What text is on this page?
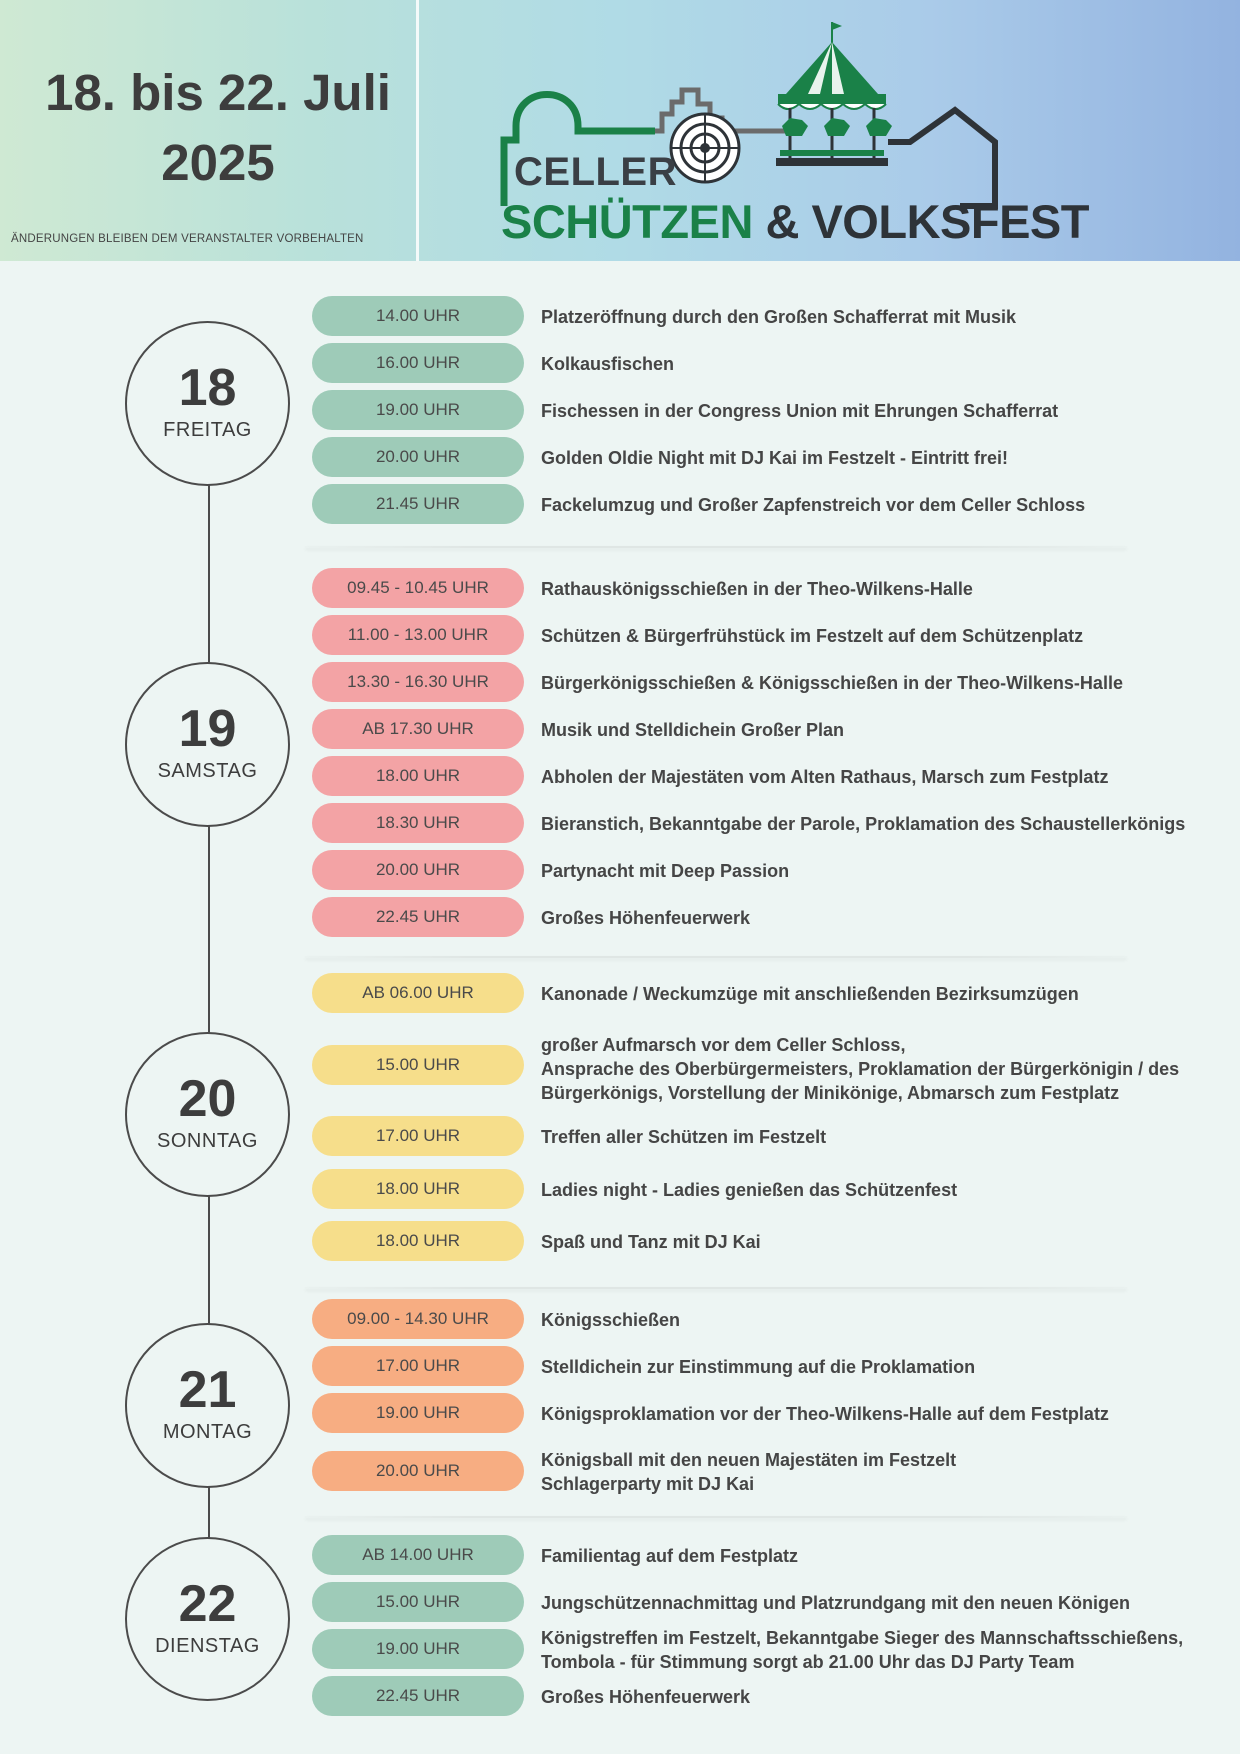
18. bis 22. Juli
2025
ÄNDERUNGEN BLEIBEN DEM VERANSTALTER VORBEHALTEN
CELLER
SCHÜTZEN & VOLKSFEST
18
FREITAG
14.00 UHR	Platzeröffnung durch den Großen Schafferrat mit Musik
16.00 UHR	Kolkausfischen
19.00 UHR	Fischessen in der Congress Union mit Ehrungen Schafferrat
20.00 UHR	Golden Oldie Night mit DJ Kai im Festzelt - Eintritt frei!
21.45 UHR	Fackelumzug und Großer Zapfenstreich vor dem Celler Schloss
19
SAMSTAG
09.45 - 10.45 UHR	Rathauskönigsschießen in der Theo-Wilkens-Halle
11.00 - 13.00 UHR	Schützen & Bürgerfrühstück im Festzelt auf dem Schützenplatz
13.30 - 16.30 UHR	Bürgerkönigsschießen & Königsschießen in der Theo-Wilkens-Halle
AB 17.30 UHR	Musik und Stelldichein Großer Plan
18.00 UHR	Abholen der Majestäten vom Alten Rathaus, Marsch zum Festplatz
18.30 UHR	Bieranstich, Bekanntgabe der Parole, Proklamation des Schaustellerkönigs
20.00 UHR	Partynacht mit Deep Passion
22.45 UHR	Großes Höhenfeuerwerk
20
SONNTAG
AB 06.00 UHR	Kanonade / Weckumzüge mit anschließenden Bezirksumzügen
15.00 UHR
großer Aufmarsch vor dem Celler Schloss,
Ansprache des Oberbürgermeisters, Proklamation der Bürgerkönigin / des
Bürgerkönigs, Vorstellung der Minikönige, Abmarsch zum Festplatz
17.00 UHR	Treffen aller Schützen im Festzelt
18.00 UHR	Ladies night - Ladies genießen das Schützenfest
18.00 UHR	Spaß und Tanz mit DJ Kai
21
MONTAG
09.00 - 14.30 UHR	Königsschießen
17.00 UHR	Stelldichein zur Einstimmung auf die Proklamation
19.00 UHR	Königsproklamation vor der Theo-Wilkens-Halle auf dem Festplatz
20.00 UHR
Königsball mit den neuen Majestäten im Festzelt
Schlagerparty mit DJ Kai
22
DIENSTAG
AB 14.00 UHR	Familientag auf dem Festplatz
15.00 UHR	Jungschützennachmittag und Platzrundgang mit den neuen Königen
19.00 UHR
Königstreffen im Festzelt, Bekanntgabe Sieger des Mannschaftsschießens,
Tombola - für Stimmung sorgt ab 21.00 Uhr das DJ Party Team
22.45 UHR	Großes Höhenfeuerwerk
